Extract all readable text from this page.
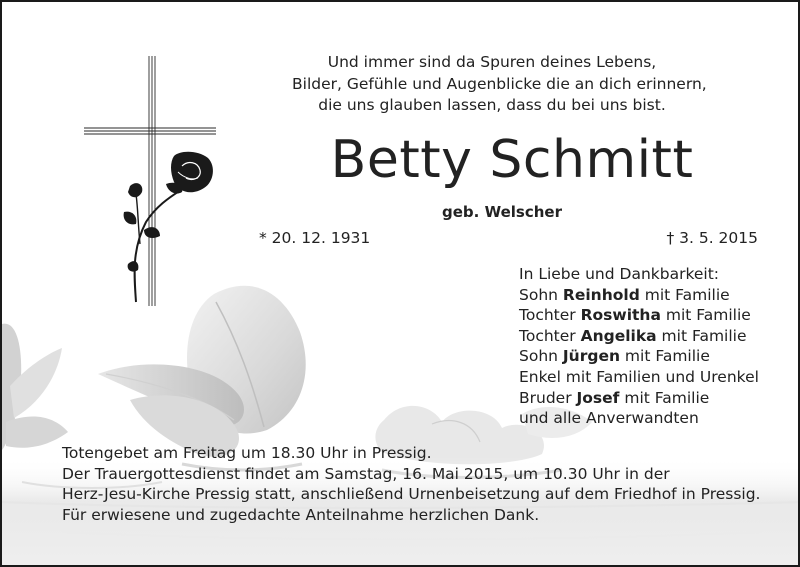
Und immer sind da Spuren deines Lebens,
Bilder, Gefühle und Augenblicke die an dich erinnern,
die uns glauben lassen, dass du bei uns bist.
Betty Schmitt
geb. Welscher
* 20. 12. 1931	† 3. 5. 2015
In Liebe und Dankbarkeit:
Sohn Reinhold mit Familie
Tochter Roswitha mit Familie
Tochter Angelika mit Familie
Sohn Jürgen mit Familie
Enkel mit Familien und Urenkel
Bruder Josef mit Familie
und alle Anverwandten
Totengebet am Freitag um 18.30 Uhr in Pressig.
Der Trauergottesdienst findet am Samstag, 16. Mai 2015, um 10.30 Uhr in der
Herz-Jesu-Kirche Pressig statt, anschließend Urnenbeisetzung auf dem Friedhof in Pressig.
Für erwiesene und zugedachte Anteilnahme herzlichen Dank.
